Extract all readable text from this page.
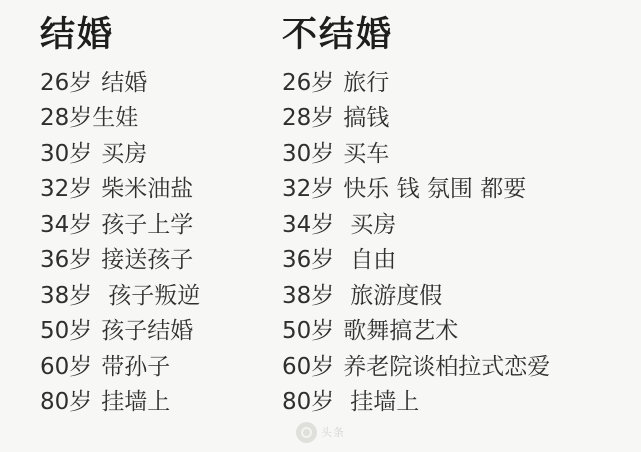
结婚
26岁 结婚
28岁 生娃
30岁 买房
32岁 柴米油盐
34岁 孩子上学
36岁 接送孩子
38岁 孩子叛逆
50岁 孩子结婚
60岁 带孙子
80岁 挂墙上
不结婚
26岁 旅行
28岁 搞钱
30岁 买车
32岁 快乐 钱 氛围 都要
34岁 买房
36岁 自由
38岁 旅游度假
50岁 歌舞搞艺术
60岁 养老院谈柏拉式恋爱
80岁 挂墙上
头条
